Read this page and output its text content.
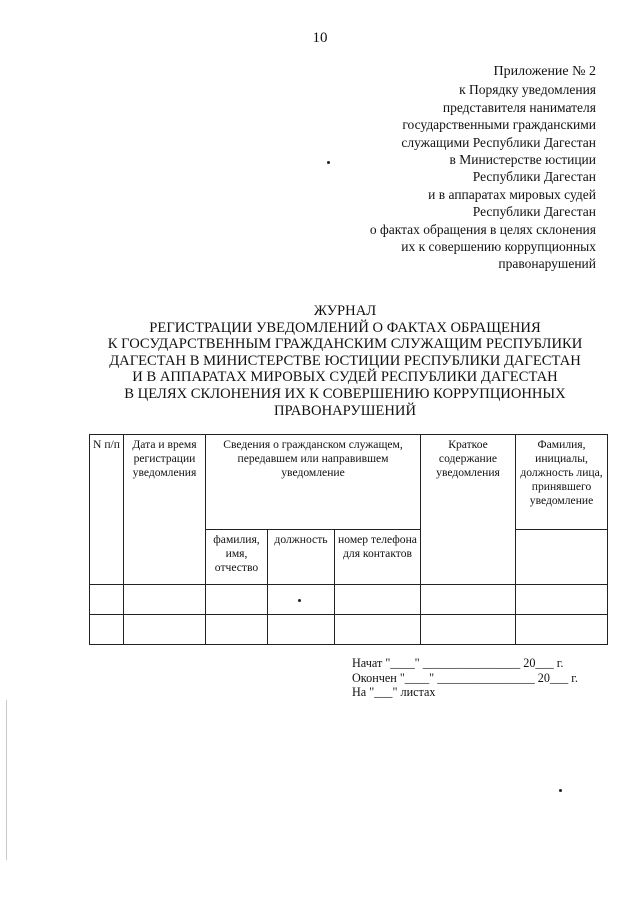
10
Приложение № 2
к Порядку уведомления
представителя нанимателя
государственными гражданскими
служащими Республики Дагестан
в Министерстве юстиции
Республики Дагестан
и в аппаратах мировых судей
Республики Дагестан
о фактах обращения в целях склонения
их к совершению коррупционных
правонарушений
ЖУРНАЛ
РЕГИСТРАЦИИ УВЕДОМЛЕНИЙ О ФАКТАХ ОБРАЩЕНИЯ
К ГОСУДАРСТВЕННЫМ ГРАЖДАНСКИМ СЛУЖАЩИМ РЕСПУБЛИКИ
ДАГЕСТАН В МИНИСТЕРСТВЕ ЮСТИЦИИ РЕСПУБЛИКИ ДАГЕСТАН
И В АППАРАТАХ МИРОВЫХ СУДЕЙ РЕСПУБЛИКИ ДАГЕСТАН
В ЦЕЛЯХ СКЛОНЕНИЯ ИХ К СОВЕРШЕНИЮ КОРРУПЦИОННЫХ
ПРАВОНАРУШЕНИЙ
N п/п	Дата и время регистрации уведомления	Сведения о гражданском служащем, передавшем или направившем уведомление			Краткое содержание уведомления	Фамилия, инициалы, должность лица, принявшего уведомление
		фамилия, имя, отчество	должность	номер телефона для контактов		

Начат "____" ________________ 20___ г.
Окончен "____" ________________ 20___ г.
На "___" листах
